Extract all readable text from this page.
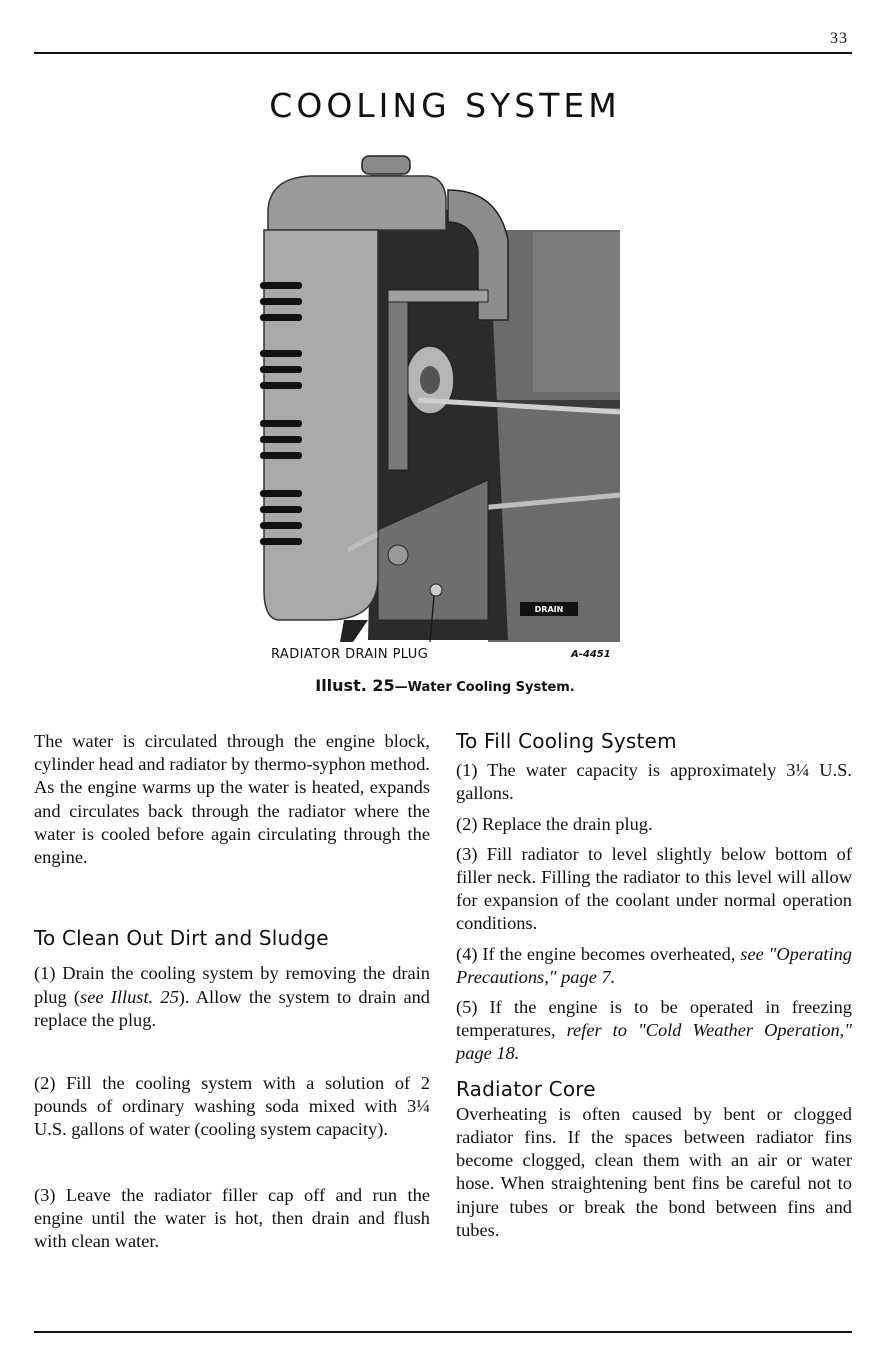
33
COOLING SYSTEM
DRAIN
RADIATOR DRAIN PLUG	A-4451
Illust. 25—Water Cooling System.

The water is circulated through the engine block, cylinder head and radiator by thermo-syphon method. As the engine warms up the water is heated, expands and circulates back through the radiator where the water is cooled before again circulating through the engine.

To Clean Out Dirt and Sludge

(1) Drain the cooling system by removing the drain plug (see Illust. 25). Allow the system to drain and replace the plug.

(2) Fill the cooling system with a solution of 2 pounds of ordinary washing soda mixed with 3¼ U.S. gallons of water (cooling system capacity).

(3) Leave the radiator filler cap off and run the engine until the water is hot, then drain and flush with clean water.

To Fill Cooling System

(1) The water capacity is approximately 3¼ U.S. gallons.

(2) Replace the drain plug.

(3) Fill radiator to level slightly below bottom of filler neck. Filling the radiator to this level will allow for expansion of the coolant under normal operation conditions.

(4) If the engine becomes overheated, see "Operating Precautions," page 7.

(5) If the engine is to be operated in freezing temperatures, refer to "Cold Weather Operation," page 18.

Radiator Core

Overheating is often caused by bent or clogged radiator fins. If the spaces between radiator fins become clogged, clean them with an air or water hose. When straightening bent fins be careful not to injure tubes or break the bond between fins and tubes.
